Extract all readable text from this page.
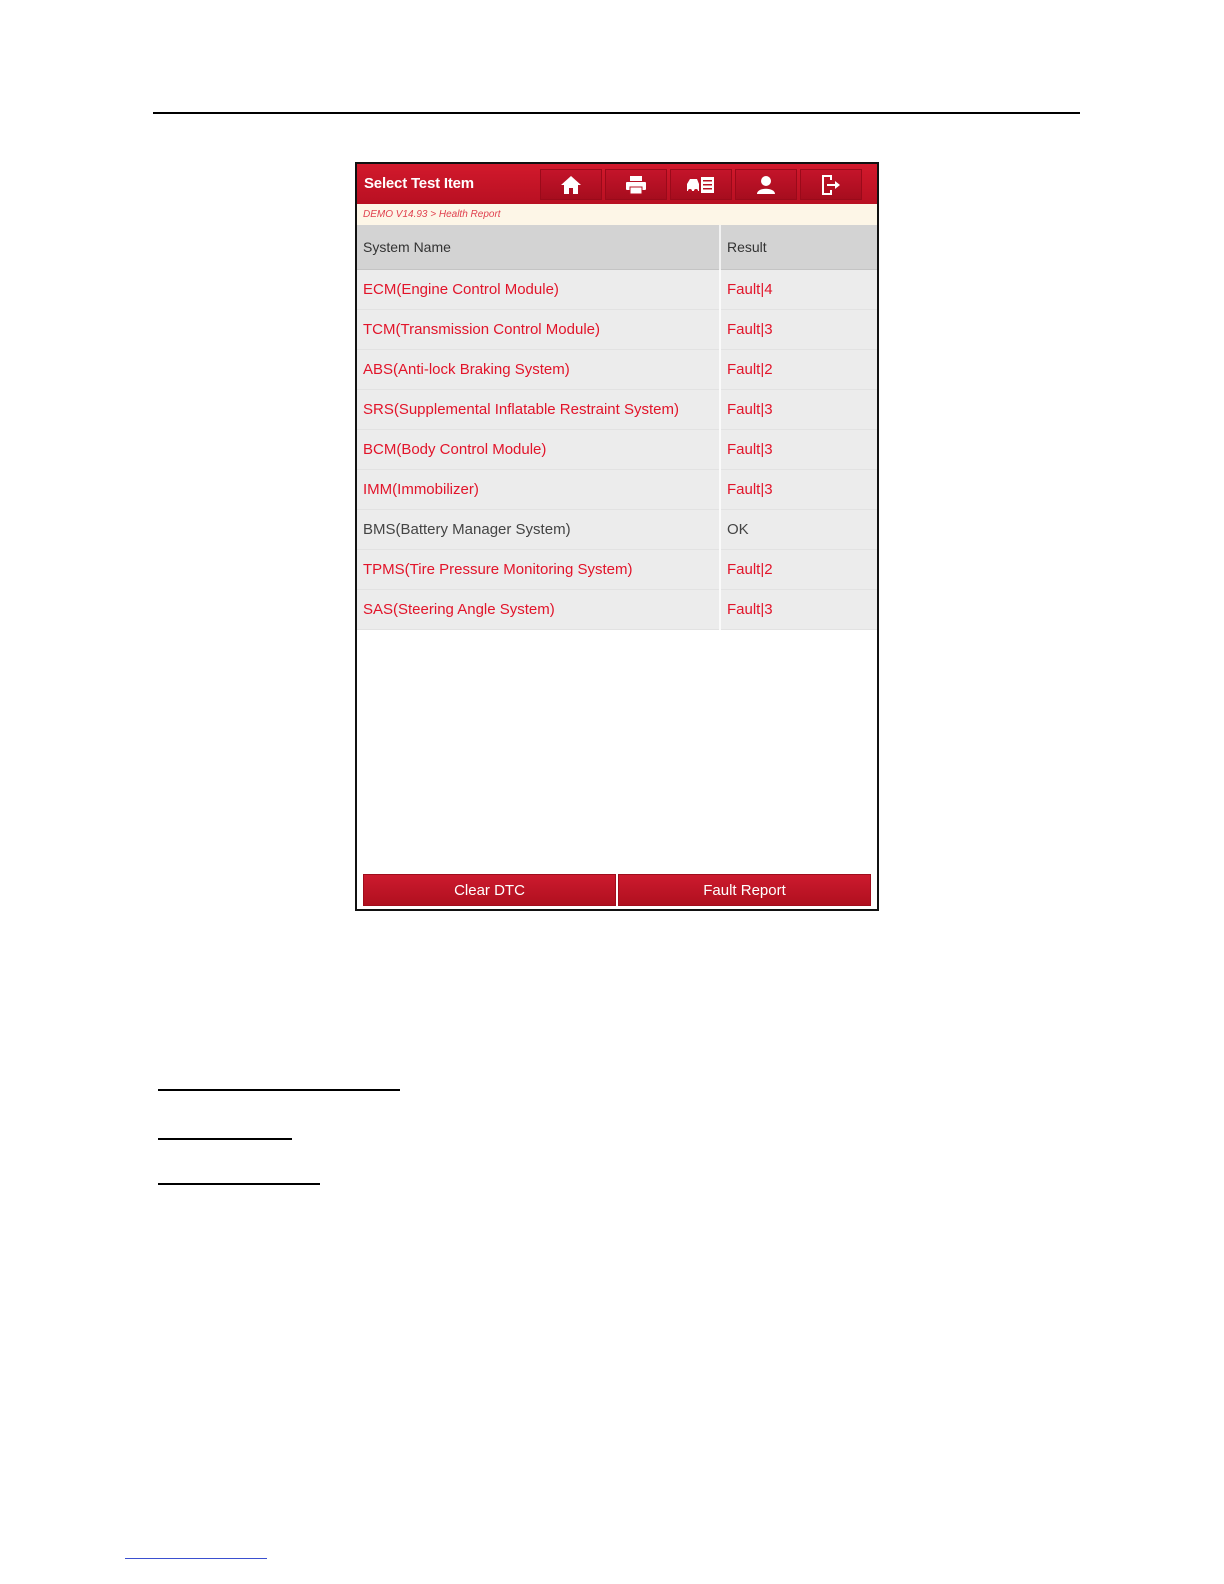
Select Test Item
DEMO V14.93 > Health Report
System Name	Result
ECM(Engine Control Module)	Fault|4
TCM(Transmission Control Module)	Fault|3
ABS(Anti-lock Braking System)	Fault|2
SRS(Supplemental Inflatable Restraint System)	Fault|3
BCM(Body Control Module)	Fault|3
IMM(Immobilizer)	Fault|3
BMS(Battery Manager System)	OK
TPMS(Tire Pressure Monitoring System)	Fault|2
SAS(Steering Angle System)	Fault|3
Clear DTC	Fault Report
